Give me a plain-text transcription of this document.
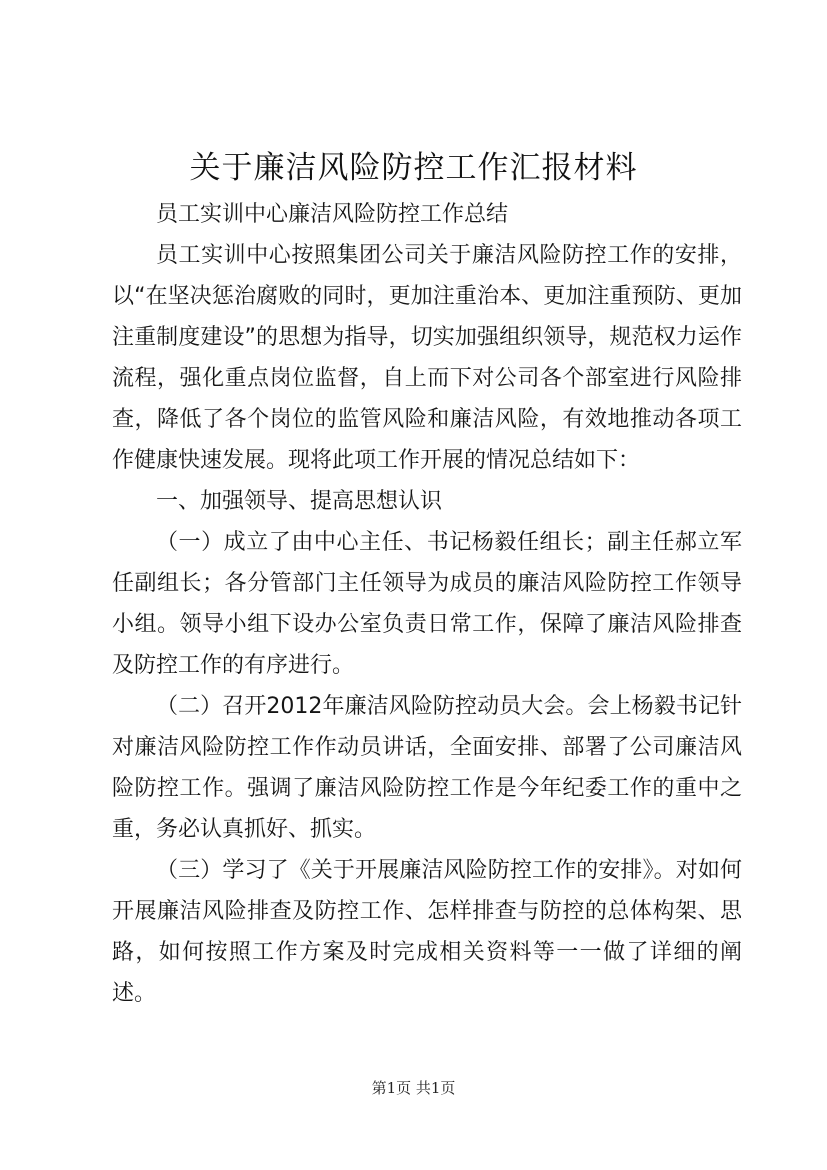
关于廉洁风险防控工作汇报材料

员工实训中心廉洁风险防控工作总结

员工实训中心按照集团公司关于廉洁风险防控工作的安排，以“在坚决惩治腐败的同时，更加注重治本、更加注重预防、更加注重制度建设”的思想为指导，切实加强组织领导，规范权力运作流程，强化重点岗位监督，自上而下对公司各个部室进行风险排查，降低了各个岗位的监管风险和廉洁风险，有效地推动各项工作健康快速发展。现将此项工作开展的情况总结如下：

一、加强领导、提高思想认识

（一）成立了由中心主任、书记杨毅任组长；副主任郝立军任副组长；各分管部门主任领导为成员的廉洁风险防控工作领导小组。领导小组下设办公室负责日常工作，保障了廉洁风险排查及防控工作的有序进行。

（二）召开2012年廉洁风险防控动员大会。会上杨毅书记针对廉洁风险防控工作作动员讲话，全面安排、部署了公司廉洁风险防控工作。强调了廉洁风险防控工作是今年纪委工作的重中之重，务必认真抓好、抓实。

（三）学习了《关于开展廉洁风险防控工作的安排》。对如何开展廉洁风险排查及防控工作、怎样排查与防控的总体构架、思路，如何按照工作方案及时完成相关资料等一一做了详细的阐述。

第1页 共1页
